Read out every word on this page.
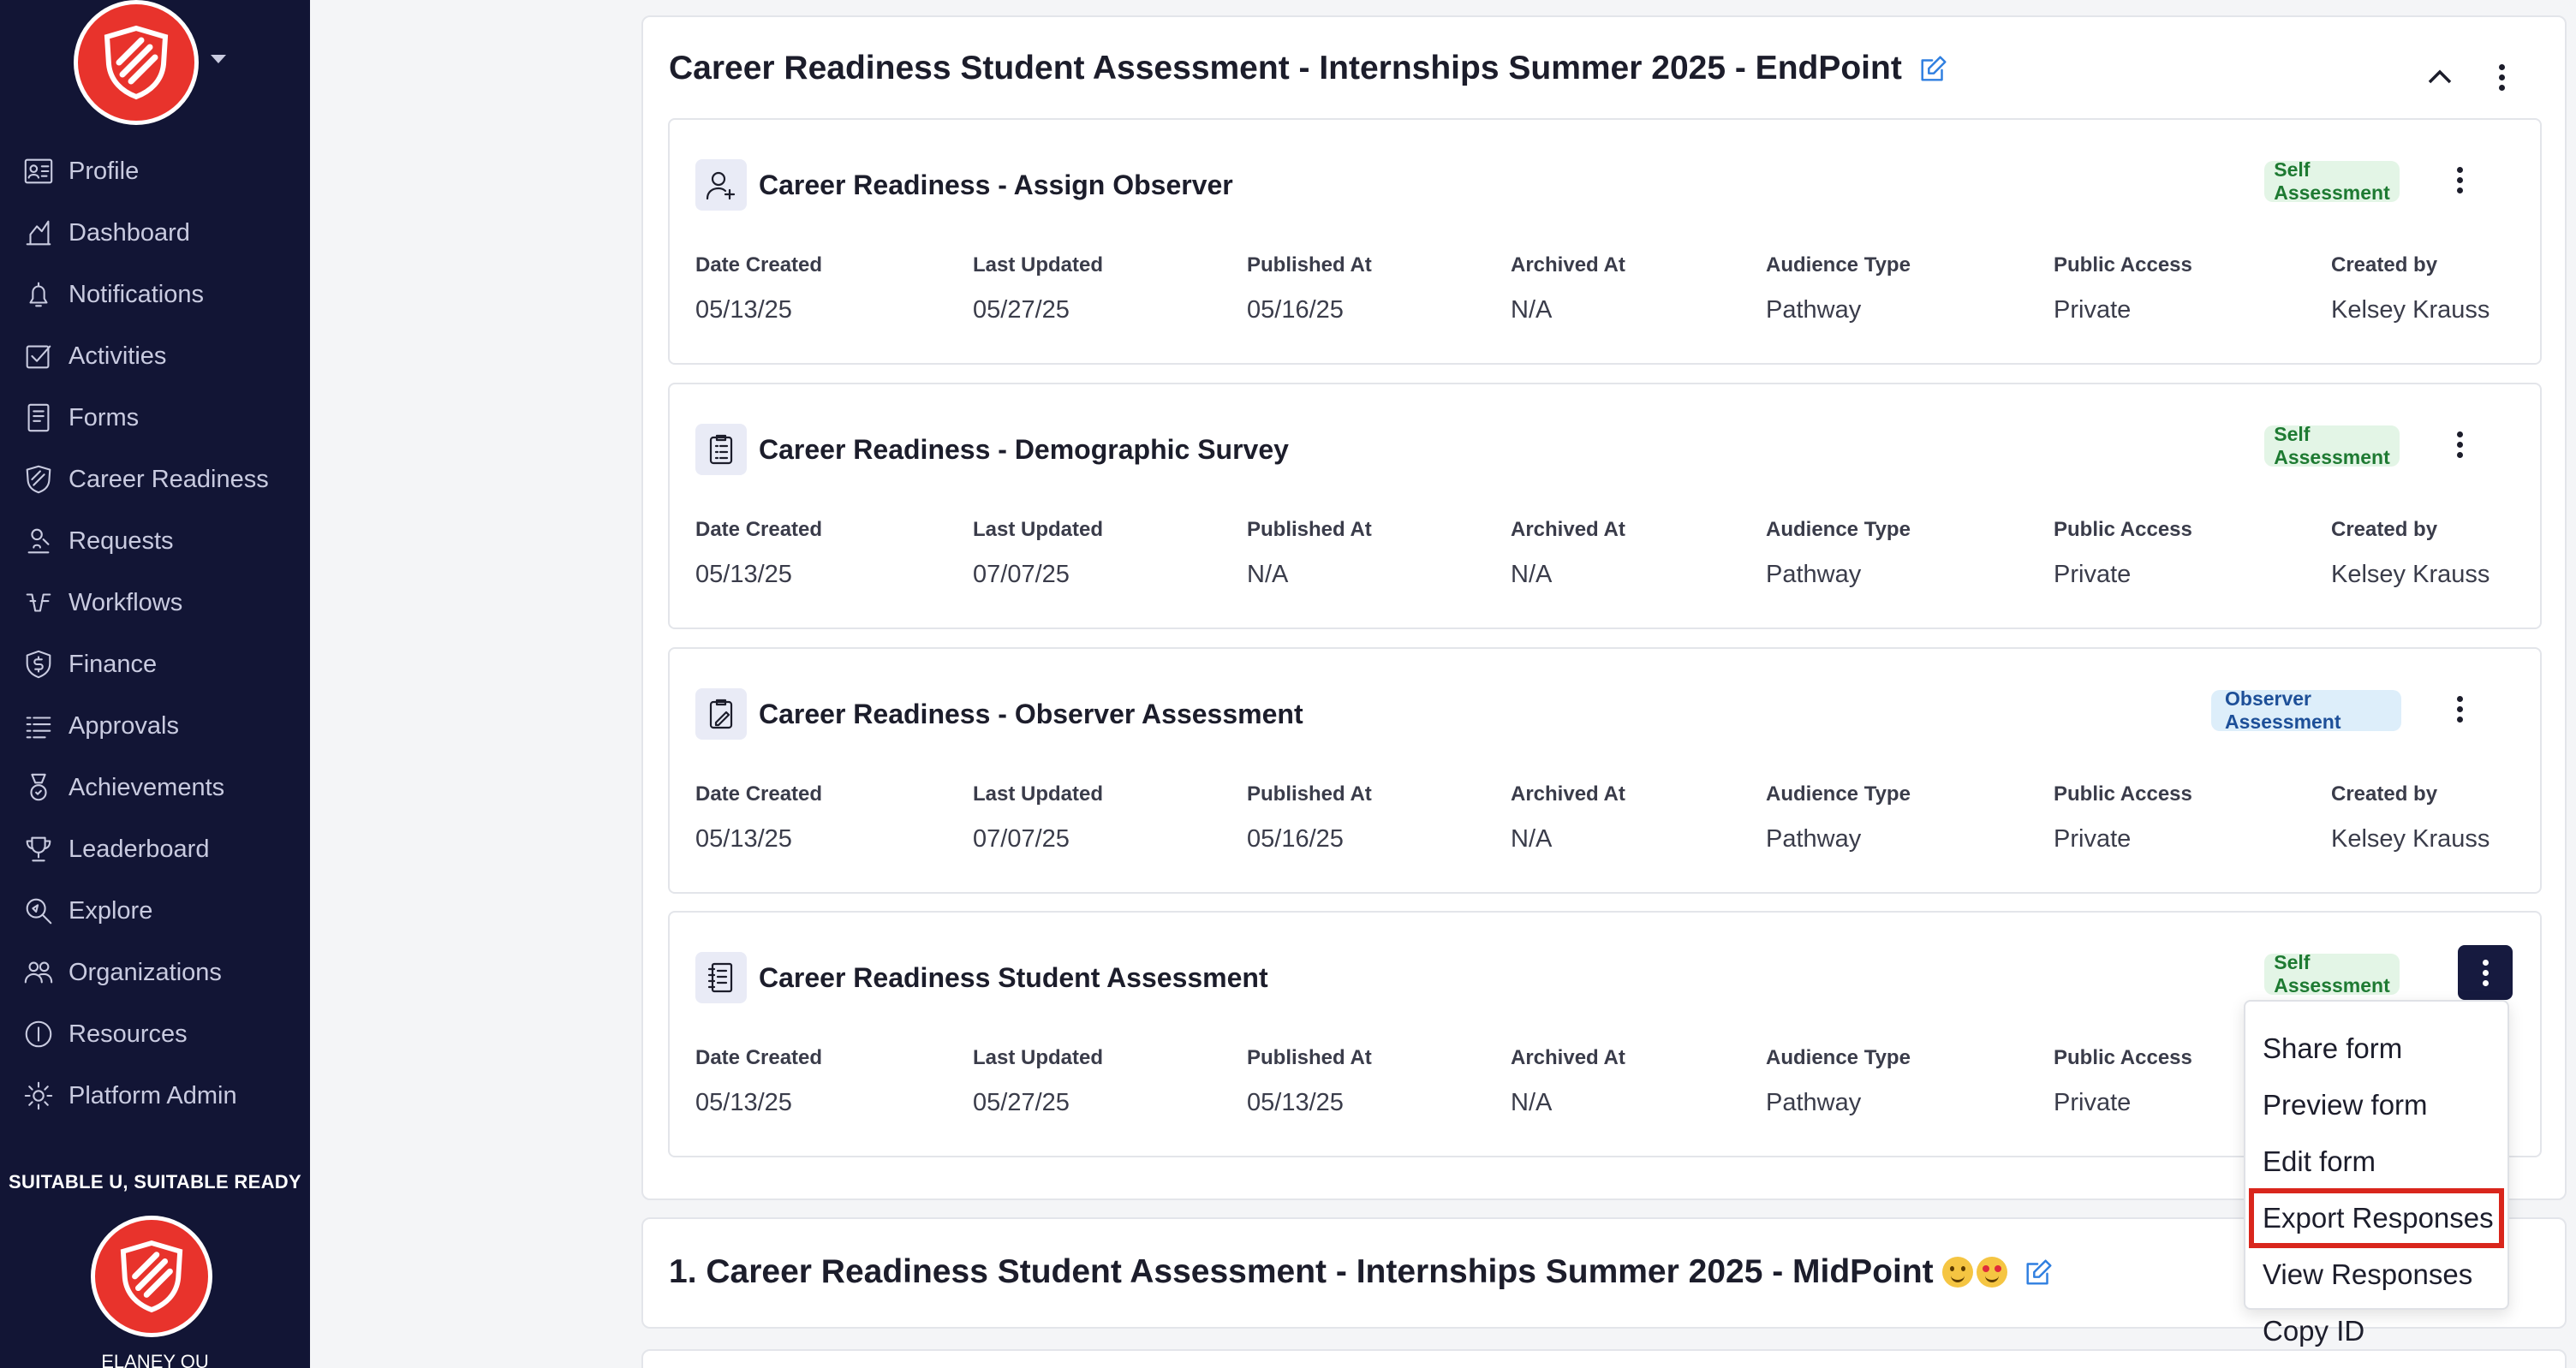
Profile
Dashboard
Notifications
Activities
Forms
Career Readiness
Requests
Workflows
Finance
Approvals
Achievements
Leaderboard
Explore
Organizations
Resources
Platform Admin
SUITABLE U, SUITABLE READY
ELANEY OU
Career Readiness Student Assessment - Internships Summer 2025 - EndPoint
Career Readiness - Assign Observer	Self Assessment
Date Created	Last Updated	Published At	Archived At	Audience Type	Public Access	Created by
05/13/25	05/27/25	05/16/25	N/A	Pathway	Private	Kelsey Krauss
Career Readiness - Demographic Survey	Self Assessment
Date Created	Last Updated	Published At	Archived At	Audience Type	Public Access	Created by
05/13/25	07/07/25	N/A	N/A	Pathway	Private	Kelsey Krauss
Career Readiness - Observer Assessment	Observer Assessment
Date Created	Last Updated	Published At	Archived At	Audience Type	Public Access	Created by
05/13/25	07/07/25	05/16/25	N/A	Pathway	Private	Kelsey Krauss
Career Readiness Student Assessment	Self Assessment
Date Created	Last Updated	Published At	Archived At	Audience Type	Public Access
05/13/25	05/27/25	05/13/25	N/A	Pathway	Private
1. Career Readiness Student Assessment - Internships Summer 2025 - MidPoint
Share form
Preview form
Edit form
Export Responses
View Responses
Copy ID
